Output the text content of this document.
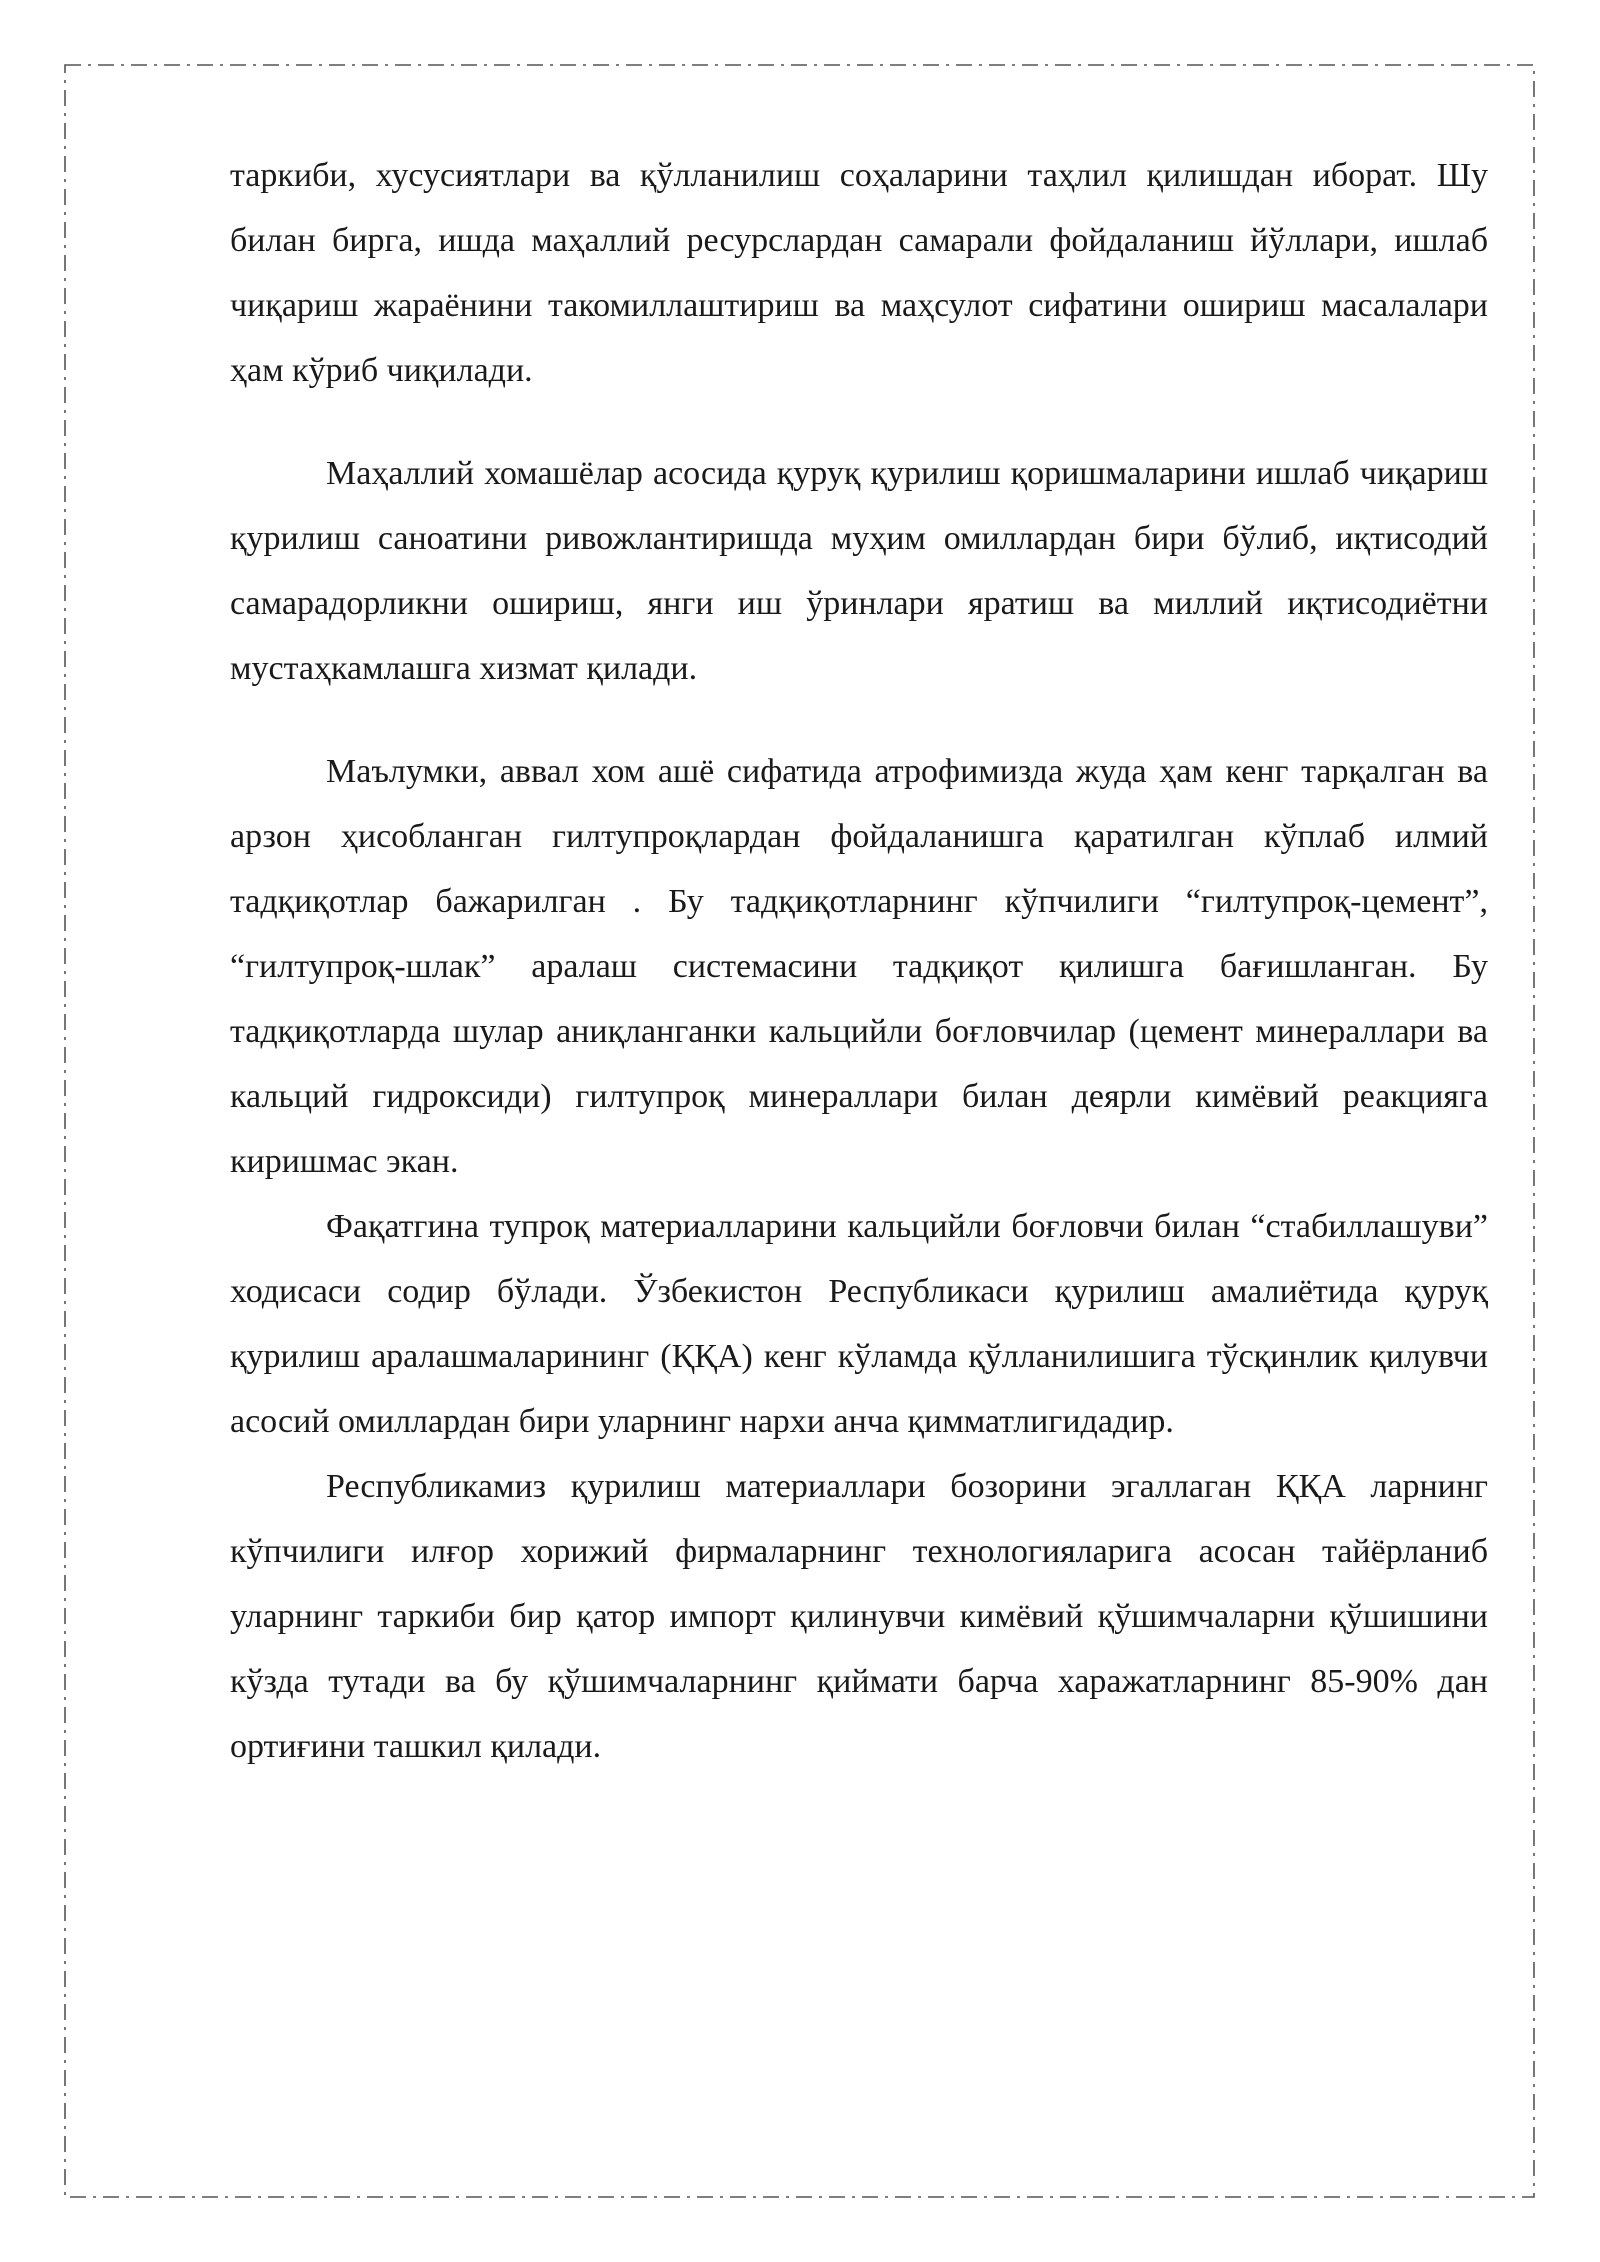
таркиби, хусусиятлари ва қўлланилиш соҳаларини таҳлил қилишдан иборат. Шу билан бирга, ишда маҳаллий ресурслардан самарали фойдаланиш йўллари, ишлаб чиқариш жараёнини такомиллаштириш ва маҳсулот сифатини ошириш масалалари ҳам кўриб чиқилади.

Маҳаллий хомашёлар асосида қуруқ қурилиш қоришмаларини ишлаб чиқариш қурилиш саноатини ривожлантиришда муҳим омиллардан бири бўлиб, иқтисодий самарадорликни ошириш, янги иш ўринлари яратиш ва миллий иқтисодиётни мустаҳкамлашга хизмат қилади.

Маълумки, аввал хом ашё сифатида атрофимизда жуда ҳам кенг тарқалган ва арзон ҳисобланган гилтупроқлардан фойдаланишга қаратилган кўплаб илмий тадқиқотлар бажарилган . Бу тадқиқотларнинг кўпчилиги “гилтупроқ-цемент”, “гилтупроқ-шлак” аралаш системасини тадқиқот қилишга бағишланган. Бу тадқиқотларда шулар аниқланганки кальцийли боғловчилар (цемент минераллари ва кальций гидроксиди) гилтупроқ минераллари билан деярли кимёвий реакцияга киришмас экан.

Фақатгина тупроқ материалларини кальцийли боғловчи билан “стабиллашуви” ходисаси содир бўлади. Ўзбекистон Республикаси қурилиш амалиётида қуруқ қурилиш аралашмаларининг (ҚҚА) кенг кўламда қўлланилишига тўсқинлик қилувчи асосий омиллардан бири уларнинг нархи анча қимматлигидадир.

Республикамиз қурилиш материаллари бозорини эгаллаган ҚҚА ларнинг кўпчилиги илғор хорижий фирмаларнинг технологияларига асосан тайёрланиб уларнинг таркиби бир қатор импорт қилинувчи кимёвий қўшимчаларни қўшишини кўзда тутади ва бу қўшимчаларнинг қиймати барча харажатларнинг 85-90% дан ортиғини ташкил қилади.
